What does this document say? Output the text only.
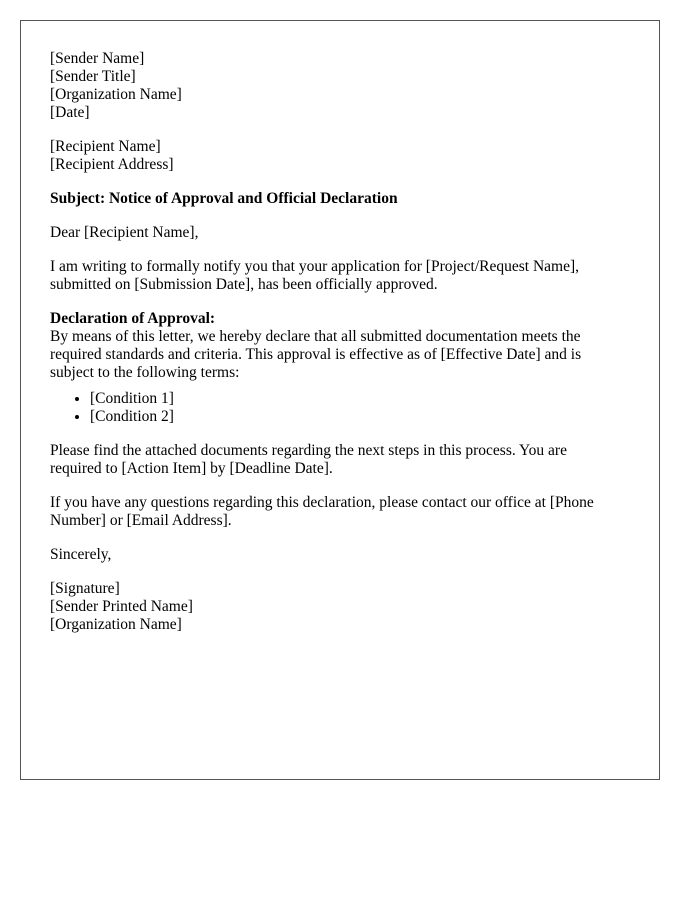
[Sender Name]
[Sender Title]
[Organization Name]
[Date]
[Recipient Name]
[Recipient Address]
Subject: Notice of Approval and Official Declaration

Dear [Recipient Name],

I am writing to formally notify you that your application for [Project/Request Name],
submitted on [Submission Date], has been officially approved.

Declaration of Approval:
By means of this letter, we hereby declare that all submitted documentation meets the
required standards and criteria. This approval is effective as of [Effective Date] and is
subject to the following terms:
• [Condition 1]
• [Condition 2]

Please find the attached documents regarding the next steps in this process. You are
required to [Action Item] by [Deadline Date].

If you have any questions regarding this declaration, please contact our office at [Phone
Number] or [Email Address].

Sincerely,

[Signature]
[Sender Printed Name]
[Organization Name]
